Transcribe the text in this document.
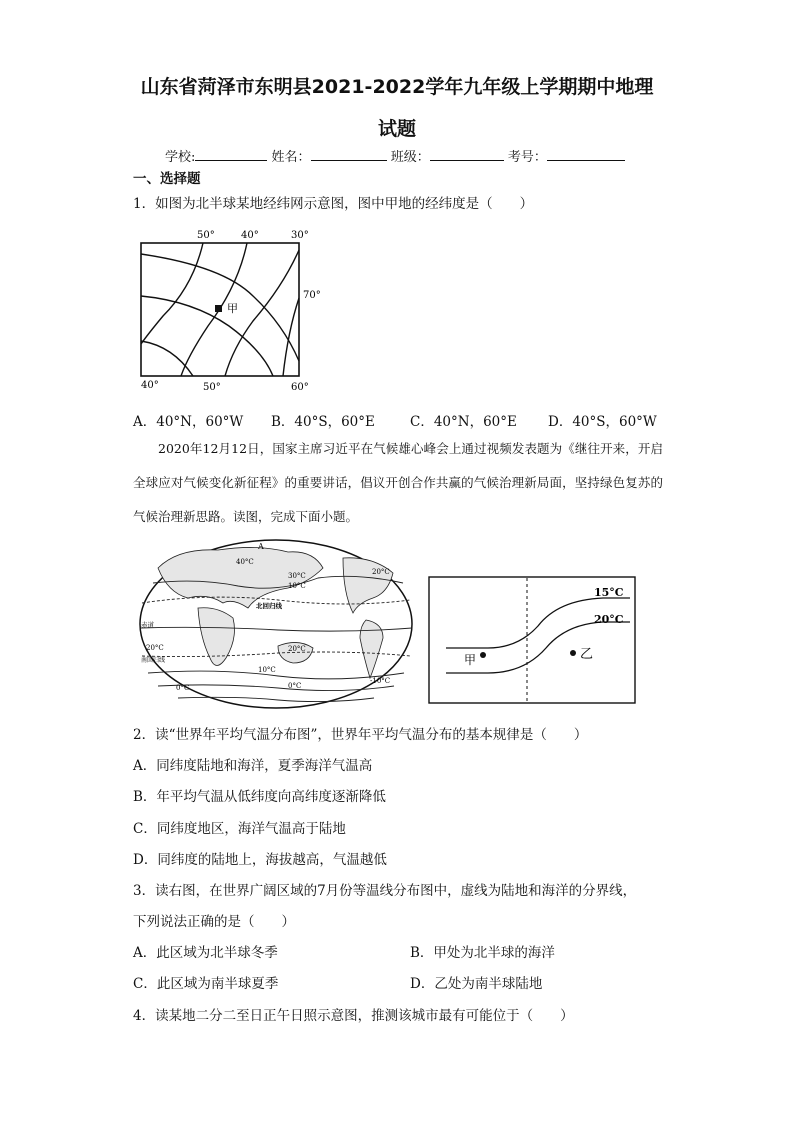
山东省菏泽市东明县2021-2022学年九年级上学期期中地理
试题
学校:	姓名：	班级：	考号：
一、选择题
1．如图为北半球某地经纬网示意图，图中甲地的经纬度是（　　）
甲
50°	40°	30°
70°
40°	50°	60°
A．40°N，60°W B．40°S，60°E	C．40°N，60°E D．40°S，60°W

2020年12月12日，国家主席习近平在气候雄心峰会上通过视频发表题为《继往开来，开启全球应对气候变化新征程》的重要讲话，倡议开创合作共赢的气候治理新局面，坚持绿色复苏的气候治理新思路。读图，完成下面小题。

A
40°C
30°C	20°C
10°C
北回归线
赤道
20°C
南回归线
20°C
10°C
0°C	0°C
-10°C
15°C
20°C
甲	乙
2．读“世界年平均气温分布图”，世界年平均气温分布的基本规律是（　　）
A．同纬度陆地和海洋，夏季海洋气温高
B．年平均气温从低纬度向高纬度逐渐降低
C．同纬度地区，海洋气温高于陆地
D．同纬度的陆地上，海拔越高，气温越低
3．读右图，在世界广阔区域的7月份等温线分布图中，虚线为陆地和海洋的分界线，
下列说法正确的是（　　）
A．此区域为北半球冬季	B．甲处为北半球的海洋
C．此区域为南半球夏季	D．乙处为南半球陆地
4．读某地二分二至日正午日照示意图，推测该城市最有可能位于（　　）
